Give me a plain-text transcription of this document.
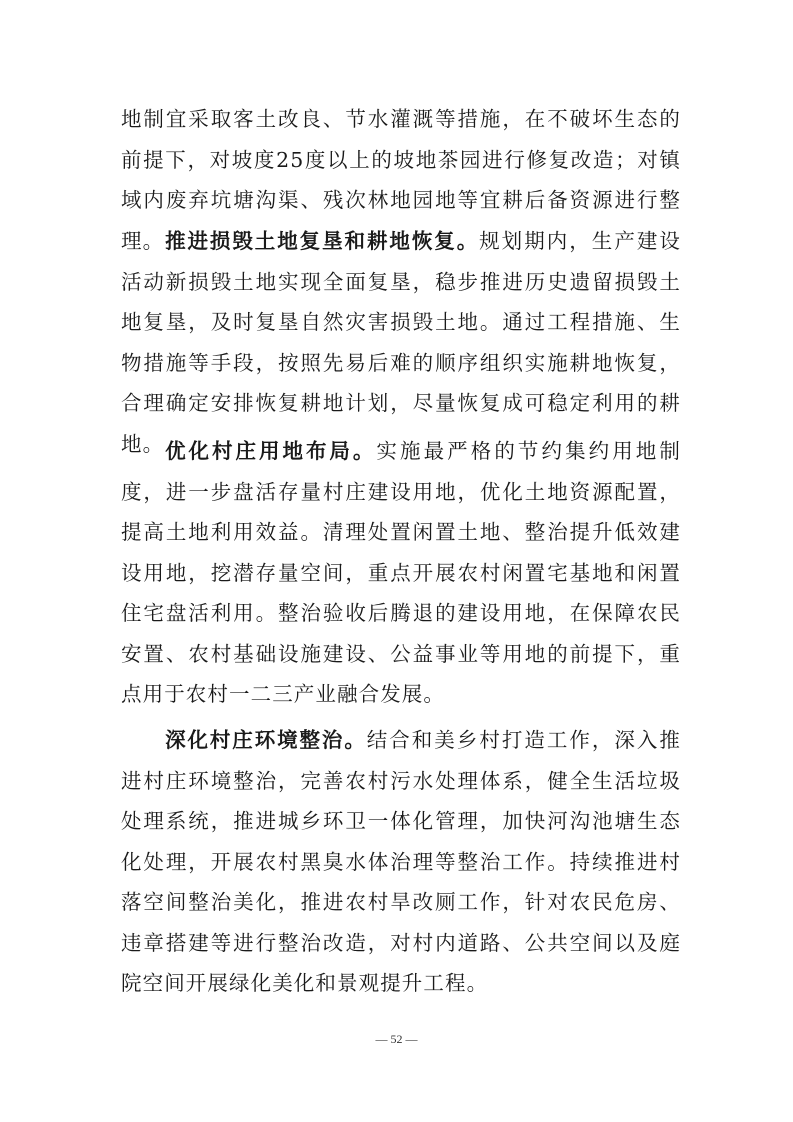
地制宜采取客土改良、节水灌溉等措施，在不破坏生态的前提下，对坡度25度以上的坡地茶园进行修复改造；对镇域内废弃坑塘沟渠、残次林地园地等宜耕后备资源进行整理。 推进损毁土地复垦和耕地恢复。规划期内，生产建设活动新损毁土地实现全面复垦，稳步推进历史遗留损毁土地复垦，及时复垦自然灾害损毁土地。通过工程措施、生物措施等手段，按照先易后难的顺序组织实施耕地恢复，合理确定安排恢复耕地计划，尽量恢复成可稳定利用的耕地。 优化村庄用地布局。实施最严格的节约集约用地制度，进一步盘活存量村庄建设用地，优化土地资源配置，提高土地利用效益。清理处置闲置土地、整治提升低效建设用地，挖潜存量空间，重点开展农村闲置宅基地和闲置住宅盘活利用。整治验收后腾退的建设用地，在保障农民安置、农村基础设施建设、公益事业等用地的前提下，重点用于农村一二三产业融合发展。

深化村庄环境整治。结合和美乡村打造工作，深入推进村庄环境整治，完善农村污水处理体系，健全生活垃圾处理系统，推进城乡环卫一体化管理，加快河沟池塘生态化处理，开展农村黑臭水体治理等整治工作。持续推进村落空间整治美化，推进农村旱改厕工作，针对农民危房、违章搭建等进行整治改造，对村内道路、公共空间以及庭院空间开展绿化美化和景观提升工程。

— 52 —
